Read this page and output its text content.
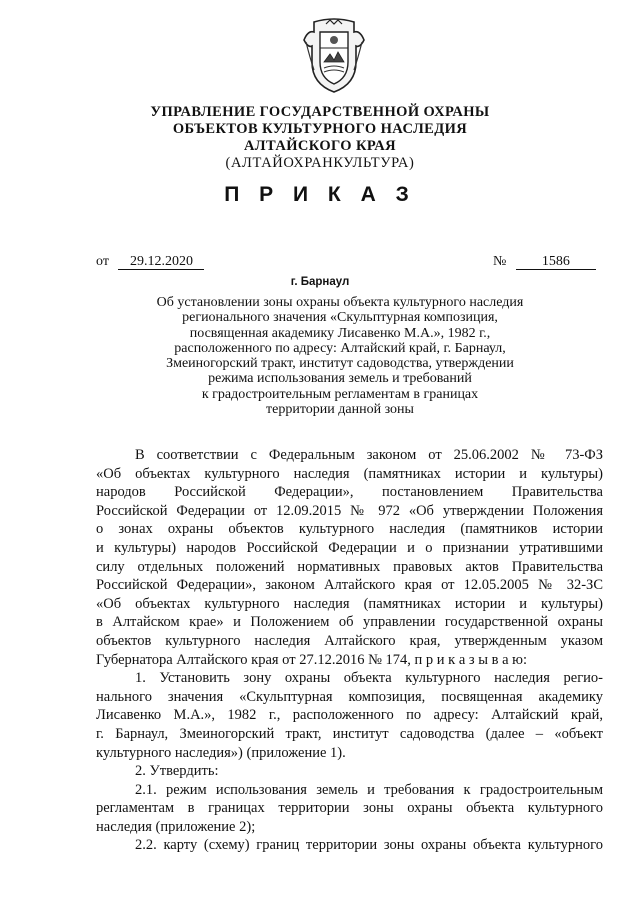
УПРАВЛЕНИЕ ГОСУДАРСТВЕННОЙ ОХРАНЫ
ОБЪЕКТОВ КУЛЬТУРНОГО НАСЛЕДИЯ
АЛТАЙСКОГО КРАЯ
(АЛТАЙОХРАНКУЛЬТУРА)
П Р И К А З
от 29.12.2020	№	1586
г. Барнаул
Об установлении зоны охраны объекта культурного наследия
регионального значения «Скульптурная композиция,
посвященная академику Лисавенко М.А.», 1982 г.,
расположенного по адресу: Алтайский край, г. Барнаул,
Змеиногорский тракт, институт садоводства, утверждении
режима использования земель и требований
к градостроительным регламентам в границах
территории данной зоны
В соответствии с Федеральным законом от 25.06.2002 № 73-ФЗ
«Об объектах культурного наследия (памятниках истории и культуры)
народов Российской Федерации», постановлением Правительства
Российской Федерации от 12.09.2015 № 972 «Об утверждении Положения
о зонах охраны объектов культурного наследия (памятников истории
и культуры) народов Российской Федерации и о признании утратившими
силу отдельных положений нормативных правовых актов Правительства
Российской Федерации», законом Алтайского края от 12.05.2005 № 32-ЗС
«Об объектах культурного наследия (памятниках истории и культуры)
в Алтайском крае» и Положением об управлении государственной охраны
объектов культурного наследия Алтайского края, утвержденным указом
Губернатора Алтайского края от 27.12.2016 № 174, п р и к а з ы в а ю:
1. Установить зону охраны объекта культурного наследия регио-
нального значения «Скульптурная композиция, посвященная академику
Лисавенко М.А.», 1982 г., расположенного по адресу: Алтайский край,
г. Барнаул, Змеиногорский тракт, институт садоводства (далее – «объект
культурного наследия») (приложение 1).
2. Утвердить:
2.1. режим использования земель и требования к градостроительным
регламентам в границах территории зоны охраны объекта культурного
наследия (приложение 2);
2.2. карту (схему) границ территории зоны охраны объекта культурного
